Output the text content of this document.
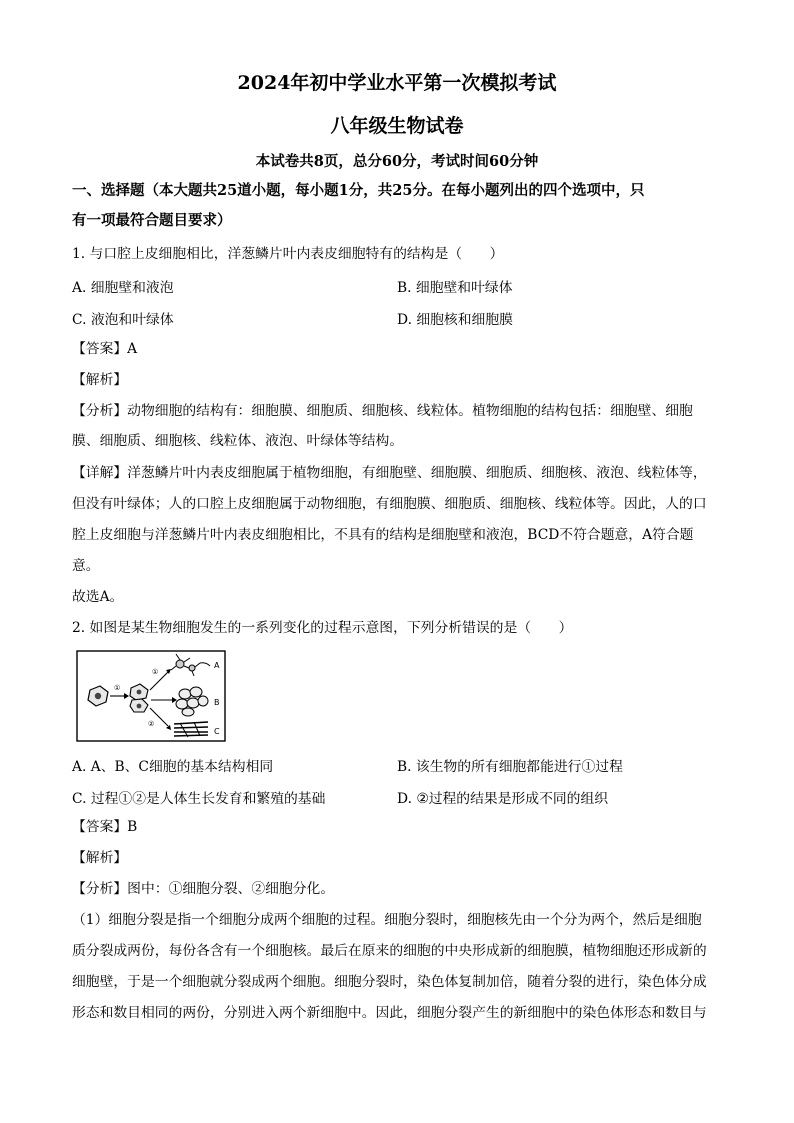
2024年初中学业水平第一次模拟考试
八年级生物试卷
本试卷共8页，总分60分，考试时间60分钟
一、选择题（本大题共25道小题，每小题1分，共25分。在每小题列出的四个选项中，只
有一项最符合题目要求）
1. 与口腔上皮细胞相比，洋葱鳞片叶内表皮细胞特有的结构是（　　）
A. 细胞壁和液泡	B. 细胞壁和叶绿体
C. 液泡和叶绿体	D. 细胞核和细胞膜
【答案】A
【解析】
【分析】动物细胞的结构有：细胞膜、细胞质、细胞核、线粒体。植物细胞的结构包括：细胞壁、细胞
膜、细胞质、细胞核、线粒体、液泡、叶绿体等结构。
【详解】洋葱鳞片叶内表皮细胞属于植物细胞，有细胞壁、细胞膜、细胞质、细胞核、液泡、线粒体等，
但没有叶绿体；人的口腔上皮细胞属于动物细胞，有细胞膜、细胞质、细胞核、线粒体等。因此，人的口
腔上皮细胞与洋葱鳞片叶内表皮细胞相比，不具有的结构是细胞壁和液泡，BCD不符合题意，A符合题
意。
故选A。
2. 如图是某生物细胞发生的一系列变化的过程示意图，下列分析错误的是（　　）
①
①
②
A
B
C
A. A、B、C细胞的基本结构相同	B. 该生物的所有细胞都能进行①过程
C. 过程①②是人体生长发育和繁殖的基础	D. ②过程的结果是形成不同的组织
【答案】B
【解析】
【分析】图中：①细胞分裂、②细胞分化。
（1）细胞分裂是指一个细胞分成两个细胞的过程。细胞分裂时，细胞核先由一个分为两个，然后是细胞
质分裂成两份，每份各含有一个细胞核。最后在原来的细胞的中央形成新的细胞膜，植物细胞还形成新的
细胞壁，于是一个细胞就分裂成两个细胞。细胞分裂时，染色体复制加倍，随着分裂的进行，染色体分成
形态和数目相同的两份，分别进入两个新细胞中。因此，细胞分裂产生的新细胞中的染色体形态和数目与
